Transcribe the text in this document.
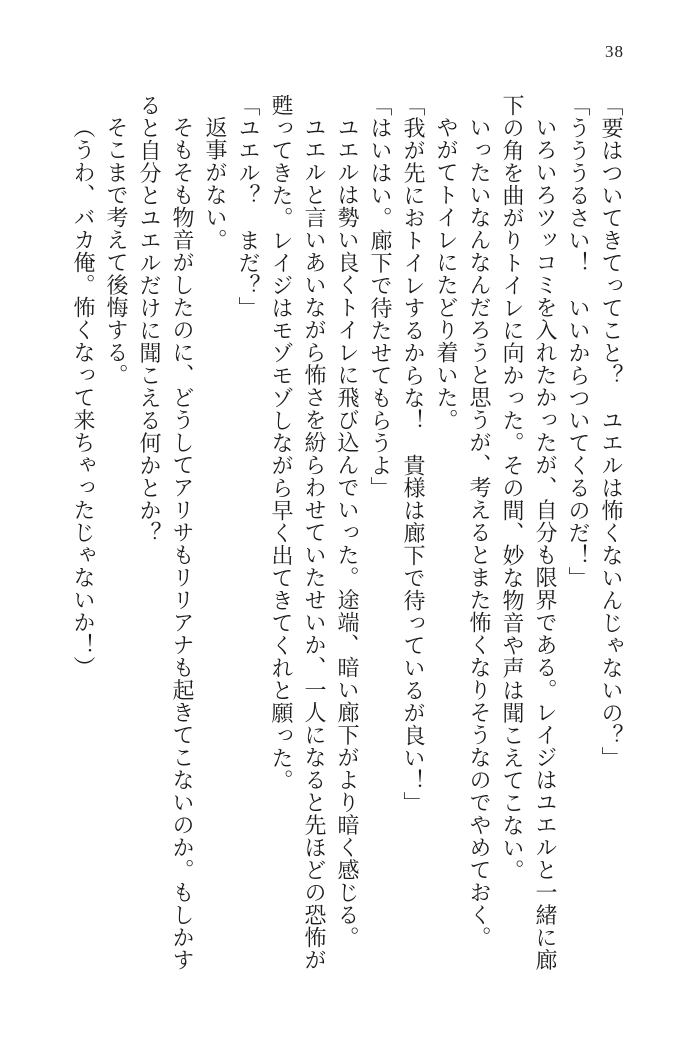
38

「要はついてきてってこと？　ユエルは怖くないんじゃないの？」

「うううるさい！　いいからついてくるのだ！」

いろいろツッコミを入れたかったが、自分も限界である。レイジはユエルと一緒に廊下の角を曲がりトイレに向かった。その間、妙な物音や声は聞こえてこない。

いったいなんなんだろうと思うが、考えるとまた怖くなりそうなのでやめておく。

やがてトイレにたどり着いた。

「我が先におトイレするからな！　貴様は廊下で待っているが良い！」

「はいはい。廊下で待たせてもらうよ」

ユエルは勢い良くトイレに飛び込んでいった。途端、暗い廊下がより暗く感じる。

ユエルと言いあいながら怖さを紛らわせていたせいか、一人になると先ほどの恐怖が甦ってきた。レイジはモゾモゾしながら早く出てきてくれと願った。

「ユエル？　まだ？」

返事がない。

そもそも物音がしたのに、どうしてアリサもリリアナも起きてこないのか。もしかすると自分とユエルだけに聞こえる何かとか？

そこまで考えて後悔する。

（うわ、バカ俺。怖くなって来ちゃったじゃないか！）
